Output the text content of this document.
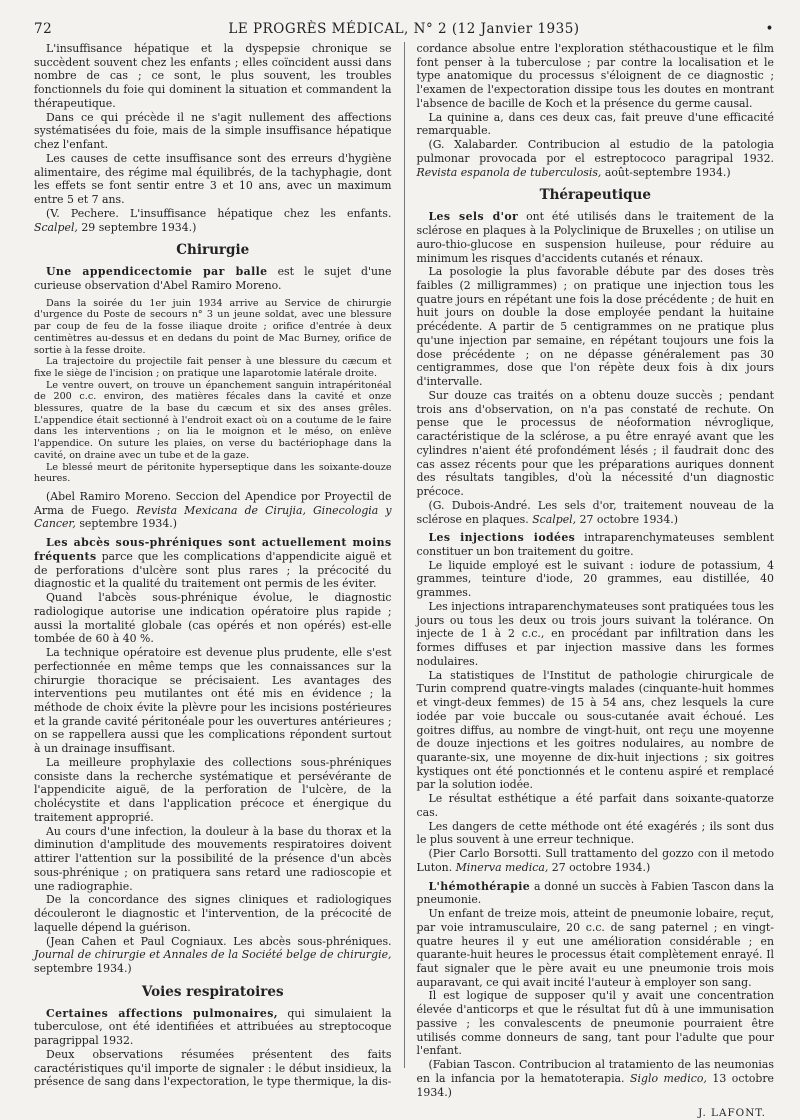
72	LE PROGRÈS MÉDICAL, N° 2 (12 Janvier 1935)	•

L'insuffisance hépatique et la dyspepsie chronique se succèdent souvent chez les enfants ; elles coïncident aussi dans nombre de cas ; ce sont, le plus souvent, les troubles fonctionnels du foie qui dominent la situation et commandent la thérapeutique.

Dans ce qui précède il ne s'agit nullement des affections systématisées du foie, mais de la simple insuffisance hépatique chez l'enfant.

Les causes de cette insuffisance sont des erreurs d'hygiène alimentaire, des régime mal équilibrés, de la tachyphagie, dont les effets se font sentir entre 3 et 10 ans, avec un maximum entre 5 et 7 ans.

(V. Pechere. L'insuffisance hépatique chez les enfants. Scalpel, 29 septembre 1934.)

Chirurgie

Une appendicectomie par balle est le sujet d'une curieuse observation d'Abel Ramiro Moreno.

Dans la soirée du 1er juin 1934 arrive au Service de chirurgie d'urgence du Poste de secours n° 3 un jeune soldat, avec une blessure par coup de feu de la fosse iliaque droite ; orifice d'entrée à deux centimètres au-dessus et en dedans du point de Mac Burney, orifice de sortie à la fesse droite.

La trajectoire du projectile fait penser à une blessure du cæcum et fixe le siège de l'incision ; on pratique une laparotomie latérale droite.

Le ventre ouvert, on trouve un épanchement sanguin intrapéritonéal de 200 c.c. environ, des matières fécales dans la cavité et onze blessures, quatre de la base du cæcum et six des anses grêles. L'appendice était sectionné à l'endroit exact où on a coutume de le faire dans les interventions ; on lia le moignon et le méso, on enlève l'appendice. On suture les plaies, on verse du bactériophage dans la cavité, on draine avec un tube et de la gaze.

Le blessé meurt de péritonite hyperseptique dans les soixante-douze heures.

(Abel Ramiro Moreno. Seccion del Apendice por Proyectil de Arma de Fuego. Revista Mexicana de Cirujia, Ginecologia y Cancer, septembre 1934.)

Les abcès sous-phréniques sont actuellement moins fréquents parce que les complications d'appendicite aiguë et de perforations d'ulcère sont plus rares ; la précocité du diagnostic et la qualité du traitement ont permis de les éviter.

Quand l'abcès sous-phrénique évolue, le diagnostic radiologique autorise une indication opératoire plus rapide ; aussi la mortalité globale (cas opérés et non opérés) est-elle tombée de 60 à 40 %.

La technique opératoire est devenue plus prudente, elle s'est perfectionnée en même temps que les connaissances sur la chirurgie thoracique se précisaient. Les avantages des interventions peu mutilantes ont été mis en évidence ; la méthode de choix évite la plèvre pour les incisions postérieures et la grande cavité péritonéale pour les ouvertures antérieures ; on se rappellera aussi que les complications répondent surtout à un drainage insuffisant.

La meilleure prophylaxie des collections sous-phréniques consiste dans la recherche systématique et persévérante de l'appendicite aiguë, de la perforation de l'ulcère, de la cholécystite et dans l'application précoce et énergique du traitement approprié.

Au cours d'une infection, la douleur à la base du thorax et la diminution d'amplitude des mouvements respiratoires doivent attirer l'attention sur la possibilité de la présence d'un abcès sous-phrénique ; on pratiquera sans retard une radioscopie et une radiographie.

De la concordance des signes cliniques et radiologiques découleront le diagnostic et l'intervention, de la précocité de laquelle dépend la guérison.

(Jean Cahen et Paul Cogniaux. Les abcès sous-phréniques. Journal de chirurgie et Annales de la Société belge de chirurgie, septembre 1934.)

Voies respiratoires

Certaines affections pulmonaires, qui simulaient la tuberculose, ont été identifiées et attribuées au streptocoque paragrippal 1932.

Deux observations résumées présentent des faits caractéristiques qu'il importe de signaler : le début insidieux, la présence de sang dans l'expectoration, le type thermique, la dis-

cordance absolue entre l'exploration stéthacoustique et le film font penser à la tuberculose ; par contre la localisation et le type anatomique du processus s'éloignent de ce diagnostic ; l'examen de l'expectoration dissipe tous les doutes en montrant l'absence de bacille de Koch et la présence du germe causal.

La quinine a, dans ces deux cas, fait preuve d'une efficacité remarquable.

(G. Xalabarder. Contribucion al estudio de la patologia pulmonar provocada por el estreptococo paragripal 1932. Revista espanola de tuberculosis, août-septembre 1934.)

Thérapeutique

Les sels d'or ont été utilisés dans le traitement de la sclérose en plaques à la Polyclinique de Bruxelles ; on utilise un auro-thio-glucose en suspension huileuse, pour réduire au minimum les risques d'accidents cutanés et rénaux.

La posologie la plus favorable débute par des doses très faibles (2 milligrammes) ; on pratique une injection tous les quatre jours en répétant une fois la dose précédente ; de huit en huit jours on double la dose employée pendant la huitaine précédente. A partir de 5 centigrammes on ne pratique plus qu'une injection par semaine, en répétant toujours une fois la dose précédente ; on ne dépasse généralement pas 30 centigrammes, dose que l'on répète deux fois à dix jours d'intervalle.

Sur douze cas traités on a obtenu douze succès ; pendant trois ans d'observation, on n'a pas constaté de rechute. On pense que le processus de néoformation névroglique, caractéristique de la sclérose, a pu être enrayé avant que les cylindres n'aient été profondément lésés ; il faudrait donc des cas assez récents pour que les préparations auriques donnent des résultats tangibles, d'où la nécessité d'un diagnostic précoce.

(G. Dubois-André. Les sels d'or, traitement nouveau de la sclérose en plaques. Scalpel, 27 octobre 1934.)

Les injections iodées intraparenchymateuses semblent constituer un bon traitement du goitre.

Le liquide employé est le suivant : iodure de potassium, 4 grammes, teinture d'iode, 20 grammes, eau distillée, 40 grammes.

Les injections intraparenchymateuses sont pratiquées tous les jours ou tous les deux ou trois jours suivant la tolérance. On injecte de 1 à 2 c.c., en procédant par infiltration dans les formes diffuses et par injection massive dans les formes nodulaires.

La statistiques de l'Institut de pathologie chirurgicale de Turin comprend quatre-vingts malades (cinquante-huit hommes et vingt-deux femmes) de 15 à 54 ans, chez lesquels la cure iodée par voie buccale ou sous-cutanée avait échoué. Les goitres diffus, au nombre de vingt-huit, ont reçu une moyenne de douze injections et les goitres nodulaires, au nombre de quarante-six, une moyenne de dix-huit injections ; six goitres kystiques ont été ponctionnés et le contenu aspiré et remplacé par la solution iodée.

Le résultat esthétique a été parfait dans soixante-quatorze cas.

Les dangers de cette méthode ont été exagérés ; ils sont dus le plus souvent à une erreur technique.

(Pier Carlo Borsotti. Sull trattamento del gozzo con il metodo Luton. Minerva medica, 27 octobre 1934.)

L'hémothérapie a donné un succès à Fabien Tascon dans la pneumonie.

Un enfant de treize mois, atteint de pneumonie lobaire, reçut, par voie intramusculaire, 20 c.c. de sang paternel ; en vingt-quatre heures il y eut une amélioration considérable ; en quarante-huit heures le processus était complètement enrayé. Il faut signaler que le père avait eu une pneumonie trois mois auparavant, ce qui avait incité l'auteur à employer son sang.

Il est logique de supposer qu'il y avait une concentration élevée d'anticorps et que le résultat fut dû à une immunisation passive ; les convalescents de pneumonie pourraient être utilisés comme donneurs de sang, tant pour l'adulte que pour l'enfant.

(Fabian Tascon. Contribucion al tratamiento de las neumonias en la infancia por la hematoterapia. Siglo medico, 13 octobre 1934.)

J. LAFONT.
